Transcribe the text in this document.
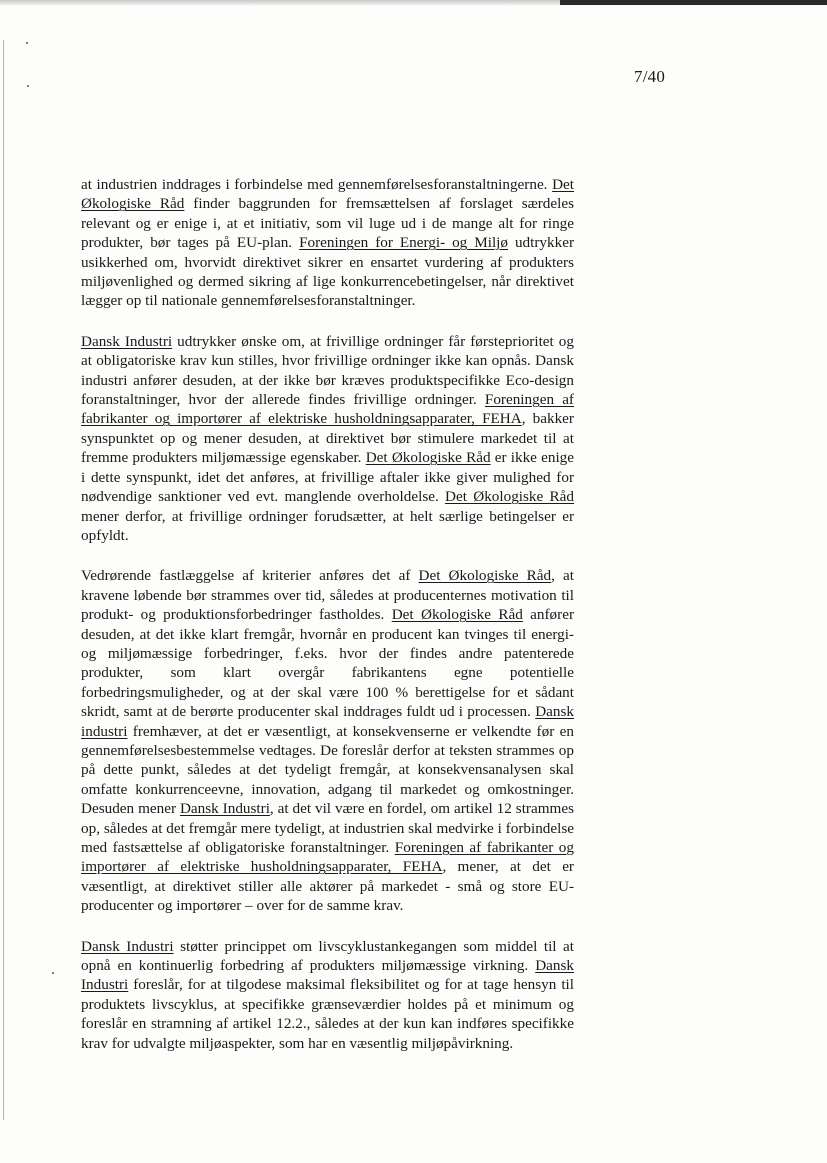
7/40

at industrien inddrages i forbindelse med gennemførelsesforanstaltningerne. Det Økologiske Råd finder baggrunden for fremsættelsen af forslaget særdeles relevant og er enige i, at et initiativ, som vil luge ud i de mange alt for ringe produkter, bør tages på EU-plan. Foreningen for Energi- og Miljø udtrykker usikkerhed om, hvorvidt direktivet sikrer en ensartet vurdering af produkters miljøvenlighed og dermed sikring af lige konkurrencebetingelser, når direktivet lægger op til nationale gennemførelsesforanstaltninger.

Dansk Industri udtrykker ønske om, at frivillige ordninger får førsteprioritet og at obligatoriske krav kun stilles, hvor frivillige ordninger ikke kan opnås. Dansk industri anfører desuden, at der ikke bør kræves produktspecifikke Eco-design foranstaltninger, hvor der allerede findes frivillige ordninger. Foreningen af fabrikanter og importører af elektriske husholdningsapparater, FEHA, bakker synspunktet op og mener desuden, at direktivet bør stimulere markedet til at fremme produkters miljømæssige egenskaber. Det Økologiske Råd er ikke enige i dette synspunkt, idet det anføres, at frivillige aftaler ikke giver mulighed for nødvendige sanktioner ved evt. manglende overholdelse. Det Økologiske Råd mener derfor, at frivillige ordninger forudsætter, at helt særlige betingelser er opfyldt.

Vedrørende fastlæggelse af kriterier anføres det af Det Økologiske Råd, at kravene løbende bør strammes over tid, således at producenternes motivation til produkt- og produktionsforbedringer fastholdes. Det Økologiske Råd anfører desuden, at det ikke klart fremgår, hvornår en producent kan tvinges til energi- og miljømæssige forbedringer, f.eks. hvor der findes andre patenterede produkter, som klart overgår fabrikantens egne potentielle forbedringsmuligheder, og at der skal være 100 % berettigelse for et sådant skridt, samt at de berørte producenter skal inddrages fuldt ud i processen. Dansk industri fremhæver, at det er væsentligt, at konsekvenserne er velkendte før en gennemførelsesbestemmelse vedtages. De foreslår derfor at teksten strammes op på dette punkt, således at det tydeligt fremgår, at konsekvensanalysen skal omfatte konkurrenceevne, innovation, adgang til markedet og omkostninger. Desuden mener Dansk Industri, at det vil være en fordel, om artikel 12 strammes op, således at det fremgår mere tydeligt, at industrien skal medvirke i forbindelse med fastsættelse af obligatoriske foranstaltninger. Foreningen af fabrikanter og importører af elektriske husholdningsapparater, FEHA, mener, at det er væsentligt, at direktivet stiller alle aktører på markedet - små og store EU-producenter og importører – over for de samme krav.

Dansk Industri støtter princippet om livscyklustankegangen som middel til at opnå en kontinuerlig forbedring af produkters miljømæssige virkning. Dansk Industri foreslår, for at tilgodese maksimal fleksibilitet og for at tage hensyn til produktets livscyklus, at specifikke grænseværdier holdes på et minimum og foreslår en stramning af artikel 12.2., således at der kun kan indføres specifikke krav for udvalgte miljøaspekter, som har en væsentlig miljøpåvirkning.
